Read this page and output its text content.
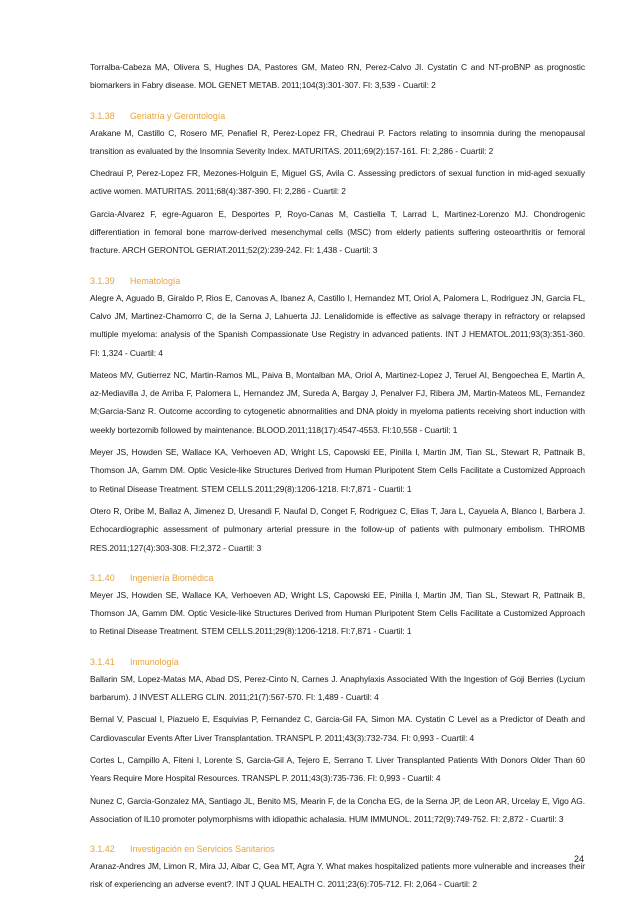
Torralba-Cabeza MA, Olivera S, Hughes DA, Pastores GM, Mateo RN, Perez-Calvo JI. Cystatin C and NT-proBNP as prognostic biomarkers in Fabry disease. MOL GENET METAB. 2011;104(3):301-307. FI: 3,539 - Cuartil: 2

3.1.38 Geriatría y Gerontología

Arakane M, Castillo C, Rosero MF, Penafiel R, Perez-Lopez FR, Chedraui P. Factors relating to insomnia during the menopausal transition as evaluated by the Insomnia Severity Index. MATURITAS. 2011;69(2):157-161. FI: 2,286 - Cuartil: 2

Chedraui P, Perez-Lopez FR, Mezones-Holguin E, Miguel GS, Avila C. Assessing predictors of sexual function in mid-aged sexually active women. MATURITAS. 2011;68(4):387-390. FI: 2,286 - Cuartil: 2

Garcia-Alvarez F, egre-Aguaron E, Desportes P, Royo-Canas M, Castiella T, Larrad L, Martinez-Lorenzo MJ. Chondrogenic differentiation in femoral bone marrow-derived mesenchymal cells (MSC) from elderly patients suffering osteoarthritis or femoral fracture. ARCH GERONTOL GERIAT.2011;52(2):239-242. FI: 1,438 - Cuartil: 3

3.1.39 Hematología

Alegre A, Aguado B, Giraldo P, Rios E, Canovas A, Ibanez A, Castillo I, Hernandez MT, Oriol A, Palomera L, Rodriguez JN, Garcia FL, Calvo JM, Martinez-Chamorro C, de la Serna J, Lahuerta JJ. Lenalidomide is effective as salvage therapy in refractory or relapsed multiple myeloma: analysis of the Spanish Compassionate Use Registry in advanced patients. INT J HEMATOL.2011;93(3):351-360. FI: 1,324 - Cuartil: 4

Mateos MV, Gutierrez NC, Martin-Ramos ML, Paiva B, Montalban MA, Oriol A, Martinez-Lopez J, Teruel AI, Bengoechea E, Martin A, az-Mediavilla J, de Arriba F, Palomera L, Hernandez JM, Sureda A, Bargay J, Penalver FJ, Ribera JM, Martin-Mateos ML, Fernandez M;Garcia-Sanz R. Outcome according to cytogenetic abnormalities and DNA ploidy in myeloma patients receiving short induction with weekly bortezomib followed by maintenance. BLOOD.2011;118(17):4547-4553. FI:10,558 - Cuartil: 1

Meyer JS, Howden SE, Wallace KA, Verhoeven AD, Wright LS, Capowski EE, Pinilla I, Martin JM, Tian SL, Stewart R, Pattnaik B, Thomson JA, Gamm DM. Optic Vesicle-like Structures Derived from Human Pluripotent Stem Cells Facilitate a Customized Approach to Retinal Disease Treatment. STEM CELLS.2011;29(8):1206-1218. FI:7,871 - Cuartil: 1

Otero R, Oribe M, Ballaz A, Jimenez D, Uresandi F, Naufal D, Conget F, Rodriguez C, Elias T, Jara L, Cayuela A, Blanco I, Barbera J. Echocardiographic assessment of pulmonary arterial pressure in the follow-up of patients with pulmonary embolism. THROMB RES.2011;127(4):303-308. FI:2,372 - Cuartil: 3

3.1.40 Ingeniería Biomédica

Meyer JS, Howden SE, Wallace KA, Verhoeven AD, Wright LS, Capowski EE, Pinilla I, Martin JM, Tian SL, Stewart R, Pattnaik B, Thomson JA, Gamm DM. Optic Vesicle-like Structures Derived from Human Pluripotent Stem Cells Facilitate a Customized Approach to Retinal Disease Treatment. STEM CELLS.2011;29(8):1206-1218. FI:7,871 - Cuartil: 1

3.1.41 Inmunología

Ballarin SM, Lopez-Matas MA, Abad DS, Perez-Cinto N, Carnes J. Anaphylaxis Associated With the Ingestion of Goji Berries (Lycium barbarum). J INVEST ALLERG CLIN. 2011;21(7):567-570. FI: 1,489 - Cuartil: 4

Bernal V, Pascual I, Piazuelo E, Esquivias P, Fernandez C, Garcia-Gil FA, Simon MA. Cystatin C Level as a Predictor of Death and Cardiovascular Events After Liver Transplantation. TRANSPL P. 2011;43(3):732-734. FI: 0,993 - Cuartil: 4

Cortes L, Campillo A, Fiteni I, Lorente S, Garcia-Gil A, Tejero E, Serrano T. Liver Transplanted Patients With Donors Older Than 60 Years Require More Hospital Resources. TRANSPL P. 2011;43(3):735-736. FI: 0,993 - Cuartil: 4

Nunez C, Garcia-Gonzalez MA, Santiago JL, Benito MS, Mearin F, de la Concha EG, de la Serna JP, de Leon AR, Urcelay E, Vigo AG. Association of IL10 promoter polymorphisms with idiopathic achalasia. HUM IMMUNOL. 2011;72(9):749-752. FI: 2,872 - Cuartil: 3

3.1.42 Investigación en Servicios Sanitarios

Aranaz-Andres JM, Limon R, Mira JJ, Aibar C, Gea MT, Agra Y. What makes hospitalized patients more vulnerable and increases their risk of experiencing an adverse event?. INT J QUAL HEALTH C. 2011;23(6):705-712. FI: 2,064 - Cuartil: 2

24
